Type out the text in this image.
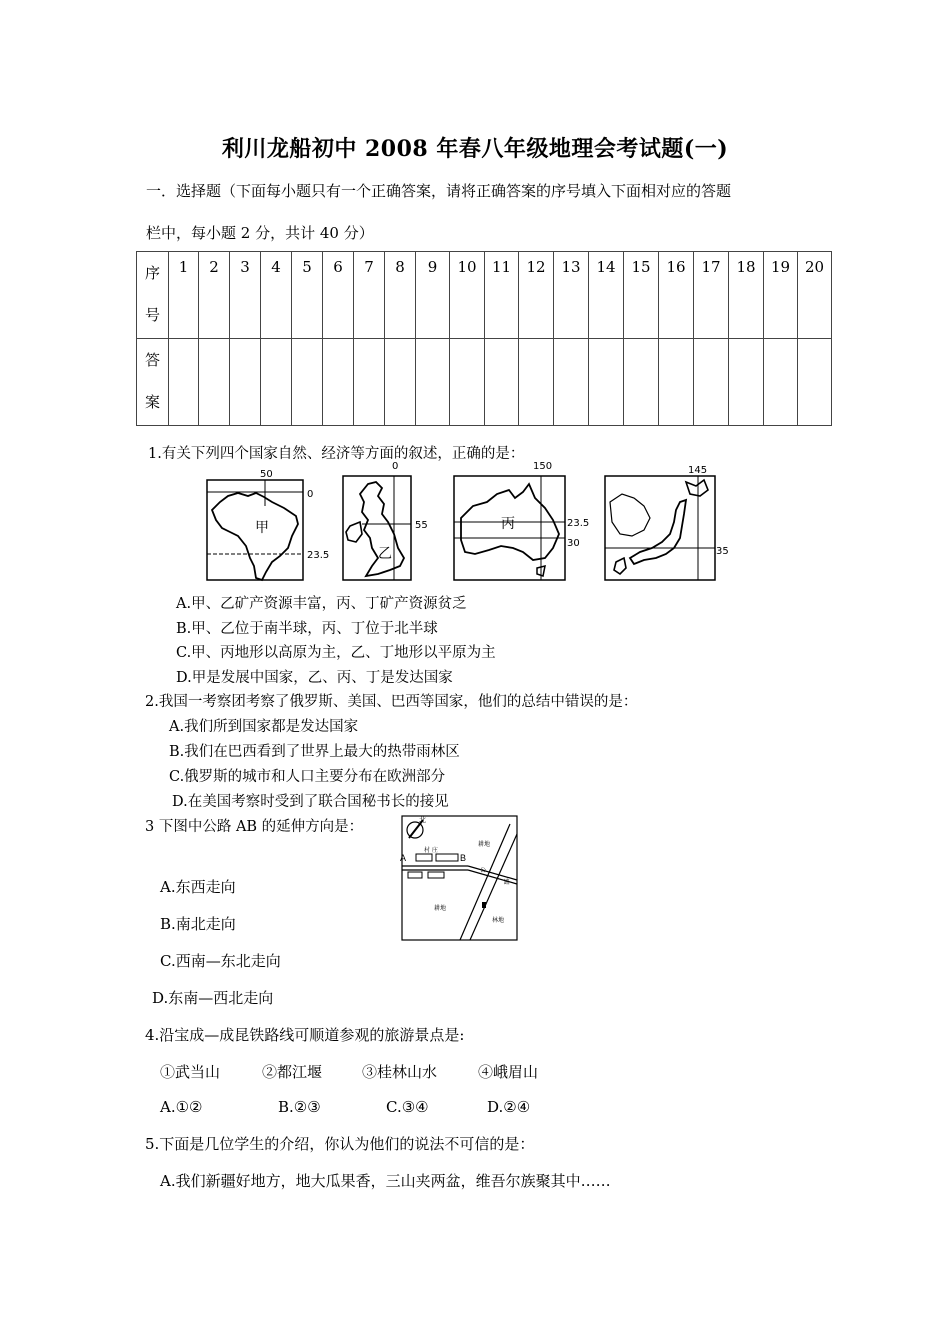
利川龙船初中 2008 年春八年级地理会考试题(一)
一．选择题（下面每小题只有一个正确答案，请将正确答案的序号填入下面相对应的答题
栏中，每小题 2 分，共计 40 分）
序
号	1	2	3	4	5	6	7	8	9	10	11	12	13	14	15	16	17	18	19	20

答
案																				

1.有关下列四个国家自然、经济等方面的叙述，正确的是：
50
0
23.5
甲
0
55
乙
150
23.5
30
丙
145
35
A.甲、乙矿产资源丰富，丙、丁矿产资源贫乏
B.甲、乙位于南半球，丙、丁位于北半球
C.甲、丙地形以高原为主，乙、丁地形以平原为主
D.甲是发展中国家，乙、丙、丁是发达国家
2.我国一考察团考察了俄罗斯、美国、巴西等国家，他们的总结中错误的是：
A.我们所到国家都是发达国家
B.我们在巴西看到了世界上最大的热带雨林区
C.俄罗斯的城市和人口主要分布在欧洲部分
D.在美国考察时受到了联合国秘书长的接见
3 下图中公路 AB 的延伸方向是：	北
村 庄
耕地
A	B
公
路
耕地
林地
A.东西走向
B.南北走向
C.西南—东北走向
D.东南—西北走向
4.沿宝成—成昆铁路线可顺道参观的旅游景点是:
①武当山	②都江堰	③桂林山水	④峨眉山
A.①②	B.②③	C.③④	D.②④
5.下面是几位学生的介绍，你认为他们的说法不可信的是：
A.我们新疆好地方，地大瓜果香，三山夹两盆，维吾尔族聚其中……
